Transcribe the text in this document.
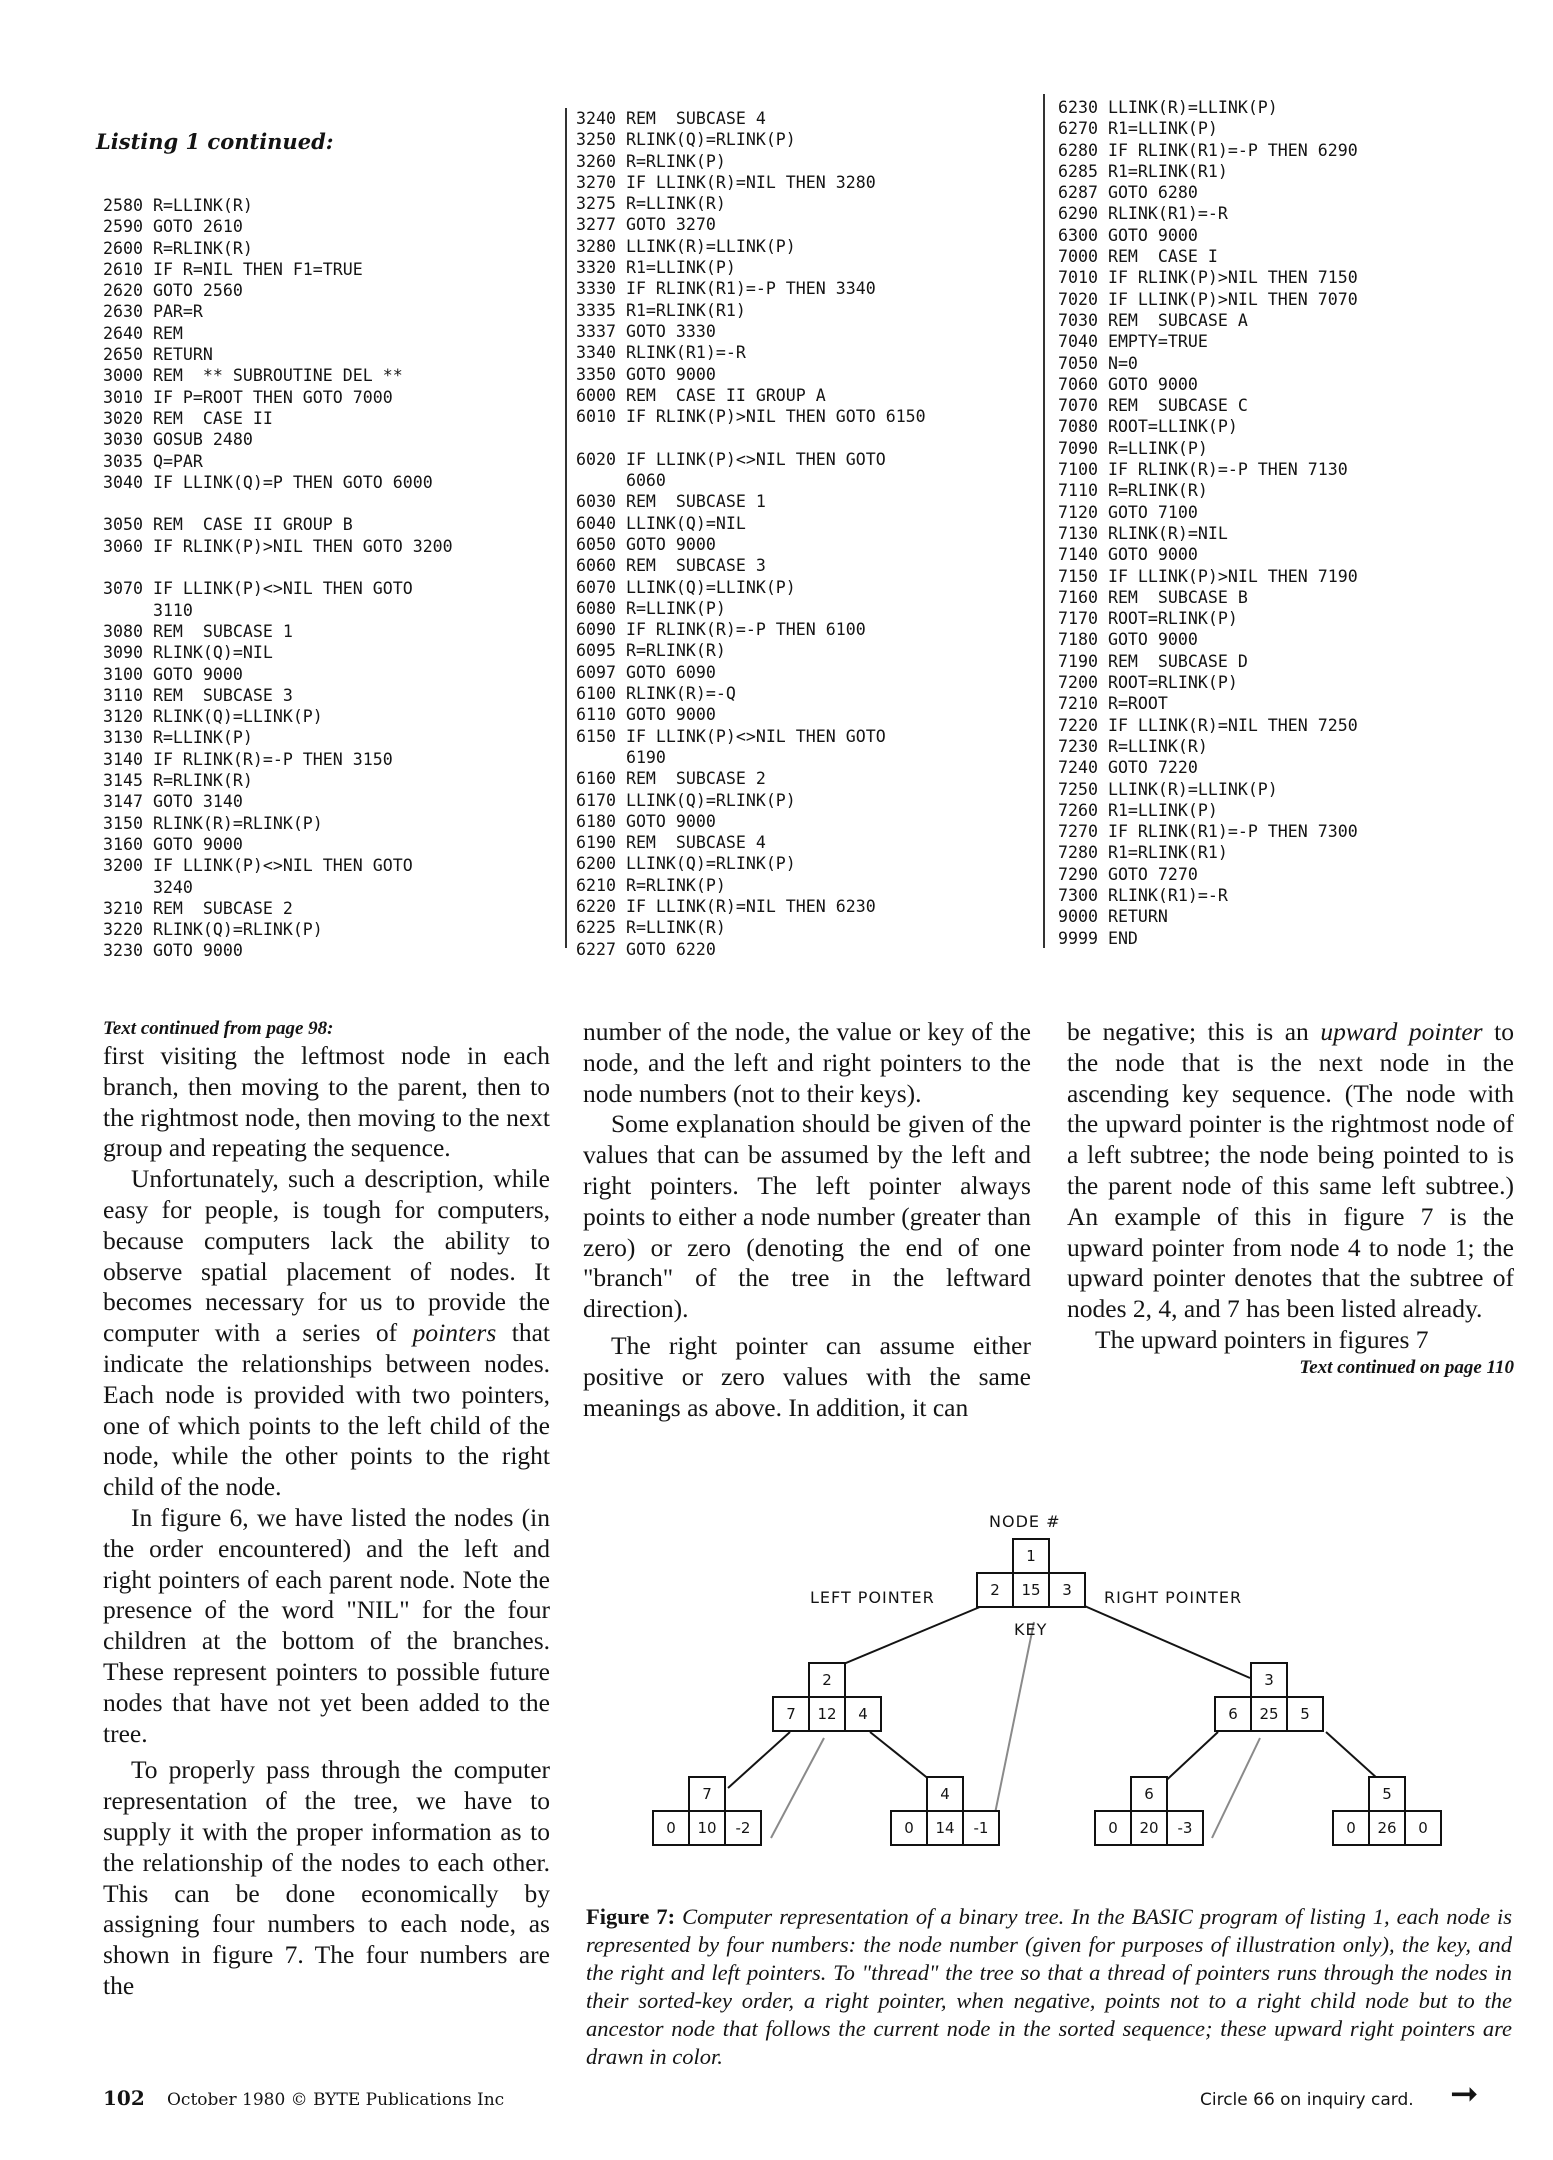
Listing 1 continued:
2580 R=LLINK(R)
2590 GOTO 2610
2600 R=RLINK(R)
2610 IF R=NIL THEN F1=TRUE
2620 GOTO 2560
2630 PAR=R
2640 REM
2650 RETURN
3000 REM  ** SUBROUTINE DEL **
3010 IF P=ROOT THEN GOTO 7000
3020 REM  CASE II
3030 GOSUB 2480
3035 Q=PAR
3040 IF LLINK(Q)=P THEN GOTO 6000

3050 REM  CASE II GROUP B
3060 IF RLINK(P)>NIL THEN GOTO 3200

3070 IF LLINK(P)<>NIL THEN GOTO
3110
3080 REM  SUBCASE 1
3090 RLINK(Q)=NIL
3100 GOTO 9000
3110 REM  SUBCASE 3
3120 RLINK(Q)=LLINK(P)
3130 R=LLINK(P)
3140 IF RLINK(R)=-P THEN 3150
3145 R=RLINK(R)
3147 GOTO 3140
3150 RLINK(R)=RLINK(P)
3160 GOTO 9000
3200 IF LLINK(P)<>NIL THEN GOTO
3240
3210 REM  SUBCASE 2
3220 RLINK(Q)=RLINK(P)
3230 GOTO 9000
3240 REM  SUBCASE 4
3250 RLINK(Q)=RLINK(P)
3260 R=RLINK(P)
3270 IF LLINK(R)=NIL THEN 3280
3275 R=LLINK(R)
3277 GOTO 3270
3280 LLINK(R)=LLINK(P)
3320 R1=LLINK(P)
3330 IF RLINK(R1)=-P THEN 3340
3335 R1=RLINK(R1)
3337 GOTO 3330
3340 RLINK(R1)=-R
3350 GOTO 9000
6000 REM  CASE II GROUP A
6010 IF RLINK(P)>NIL THEN GOTO 6150

6020 IF LLINK(P)<>NIL THEN GOTO
6060
6030 REM  SUBCASE 1
6040 LLINK(Q)=NIL
6050 GOTO 9000
6060 REM  SUBCASE 3
6070 LLINK(Q)=LLINK(P)
6080 R=LLINK(P)
6090 IF RLINK(R)=-P THEN 6100
6095 R=RLINK(R)
6097 GOTO 6090
6100 RLINK(R)=-Q
6110 GOTO 9000
6150 IF LLINK(P)<>NIL THEN GOTO
6190
6160 REM  SUBCASE 2
6170 LLINK(Q)=RLINK(P)
6180 GOTO 9000
6190 REM  SUBCASE 4
6200 LLINK(Q)=RLINK(P)
6210 R=RLINK(P)
6220 IF LLINK(R)=NIL THEN 6230
6225 R=LLINK(R)
6227 GOTO 6220
6230 LLINK(R)=LLINK(P)
6270 R1=LLINK(P)
6280 IF RLINK(R1)=-P THEN 6290
6285 R1=RLINK(R1)
6287 GOTO 6280
6290 RLINK(R1)=-R
6300 GOTO 9000
7000 REM  CASE I
7010 IF RLINK(P)>NIL THEN 7150
7020 IF LLINK(P)>NIL THEN 7070
7030 REM  SUBCASE A
7040 EMPTY=TRUE
7050 N=0
7060 GOTO 9000
7070 REM  SUBCASE C
7080 ROOT=LLINK(P)
7090 R=LLINK(P)
7100 IF RLINK(R)=-P THEN 7130
7110 R=RLINK(R)
7120 GOTO 7100
7130 RLINK(R)=NIL
7140 GOTO 9000
7150 IF LLINK(P)>NIL THEN 7190
7160 REM  SUBCASE B
7170 ROOT=RLINK(P)
7180 GOTO 9000
7190 REM  SUBCASE D
7200 ROOT=RLINK(P)
7210 R=ROOT
7220 IF LLINK(R)=NIL THEN 7250
7230 R=LLINK(R)
7240 GOTO 7220
7250 LLINK(R)=LLINK(P)
7260 R1=LLINK(P)
7270 IF RLINK(R1)=-P THEN 7300
7280 R1=RLINK(R1)
7290 GOTO 7270
7300 RLINK(R1)=-R
9000 RETURN
9999 END
Text continued from page 98:

first visiting the leftmost node in each branch, then moving to the parent, then to the rightmost node, then moving to the next group and repeating the sequence.

Unfortunately, such a description, while easy for people, is tough for computers, because computers lack the ability to observe spatial placement of nodes. It becomes necessary for us to provide the computer with a series of pointers that indicate the relationships between nodes. Each node is provided with two pointers, one of which points to the left child of the node, while the other points to the right child of the node.

In figure 6, we have listed the nodes (in the order encountered) and the left and right pointers of each parent node. Note the presence of the word "NIL" for the four children at the bottom of the branches. These represent pointers to possible future nodes that have not yet been added to the tree.

To properly pass through the computer representation of the tree, we have to supply it with the proper information as to the relationship of the nodes to each other. This can be done economically by assigning four numbers to each node, as shown in figure 7. The four numbers are the

number of the node, the value or key of the node, and the left and right pointers to the node numbers (not to their keys).

Some explanation should be given of the values that can be assumed by the left and right pointers. The left pointer always points to either a node number (greater than zero) or zero (denoting the end of one "branch" of the tree in the leftward direction).

The right pointer can assume either positive or zero values with the same meanings as above. In addition, it can

be negative; this is an upward pointer to the node that is the next node in the ascending key sequence. (The node with the upward pointer is the rightmost node of a left subtree; the node being pointed to is the parent node of this same left subtree.) An example of this in figure 7 is the upward pointer from node 4 to node 1; the upward pointer denotes that the subtree of nodes 2, 4, and 7 has been listed already.

The upward pointers in figures 7

Text continued on page 110
NODE #
LEFT POINTER	RIGHT POINTER
KEY
1
2	15	3
2
7	12	4
3
6	25	5
7
0	10	-2
4
0	14	-1
6
0	20	-3
5
0	26	0
Figure 7: Computer representation of a binary tree. In the BASIC program of listing 1, each node is represented by four numbers: the node number (given for purposes of illustration only), the key, and the right and left pointers. To "thread" the tree so that a thread of pointers runs through the nodes in their sorted-key order, a right pointer, when negative, points not to a right child node but to the ancestor node that follows the current node in the sorted sequence; these upward right pointers are drawn in color.
102 October 1980 © BYTE Publications Inc	Circle 66 on inquiry card. ➞
